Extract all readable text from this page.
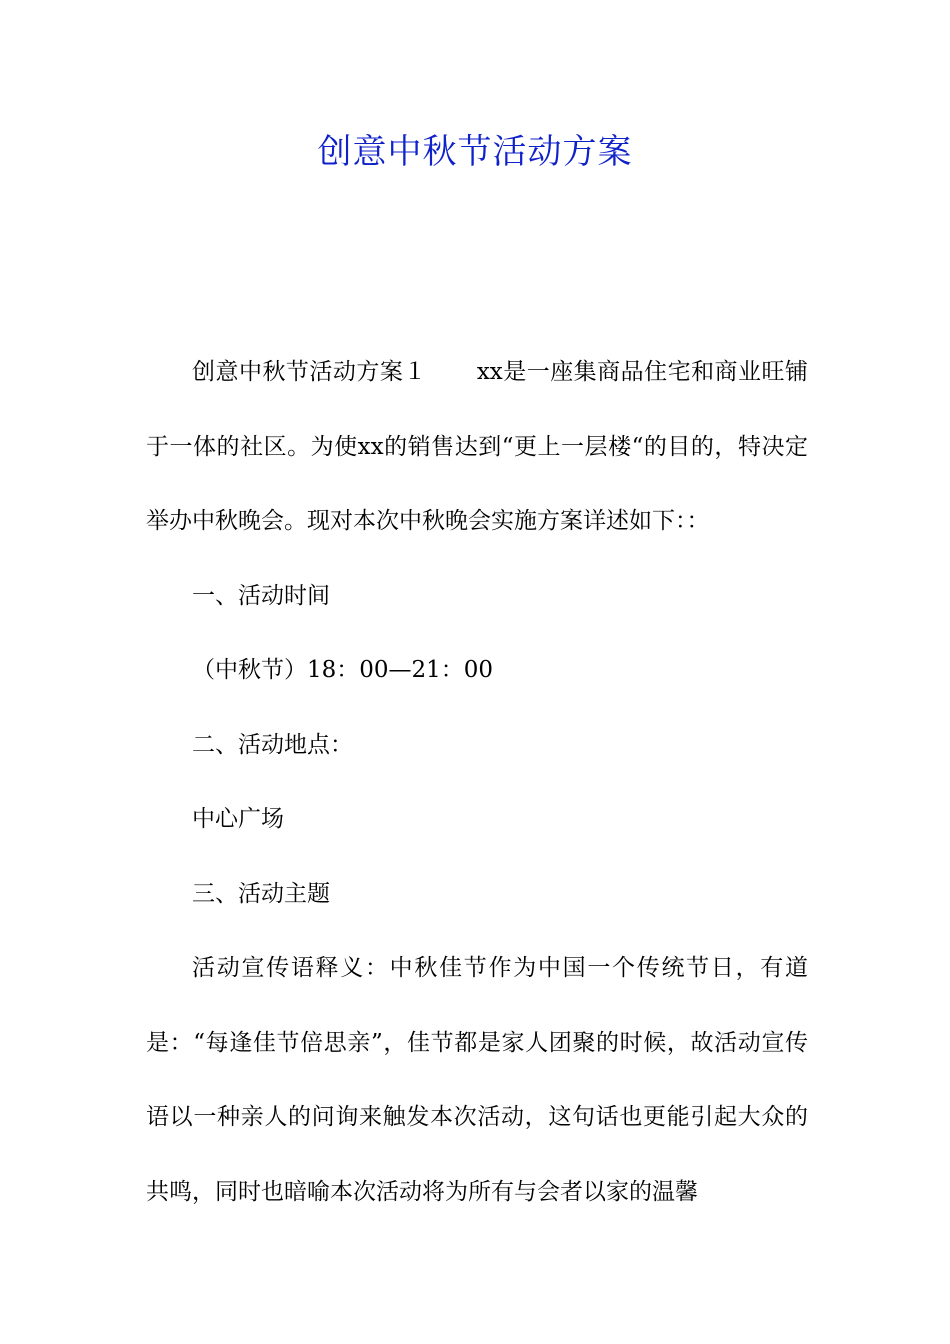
创意中秋节活动方案

创意中秋节活动方案１ xx是一座集商品住宅和商业旺铺于一体的社区。为使xx的销售达到“更上一层楼“的目的，特决定举办中秋晚会。现对本次中秋晚会实施方案详述如下：：

一、活动时间

（中秋节）18：00—21：00

二、活动地点：

中心广场

三、活动主题

活动宣传语释义：中秋佳节作为中国一个传统节日，有道是：“每逢佳节倍思亲”，佳节都是家人团聚的时候，故活动宣传语以一种亲人的问询来触发本次活动，这句话也更能引起大众的共鸣，同时也暗喻本次活动将为所有与会者以家的温馨
